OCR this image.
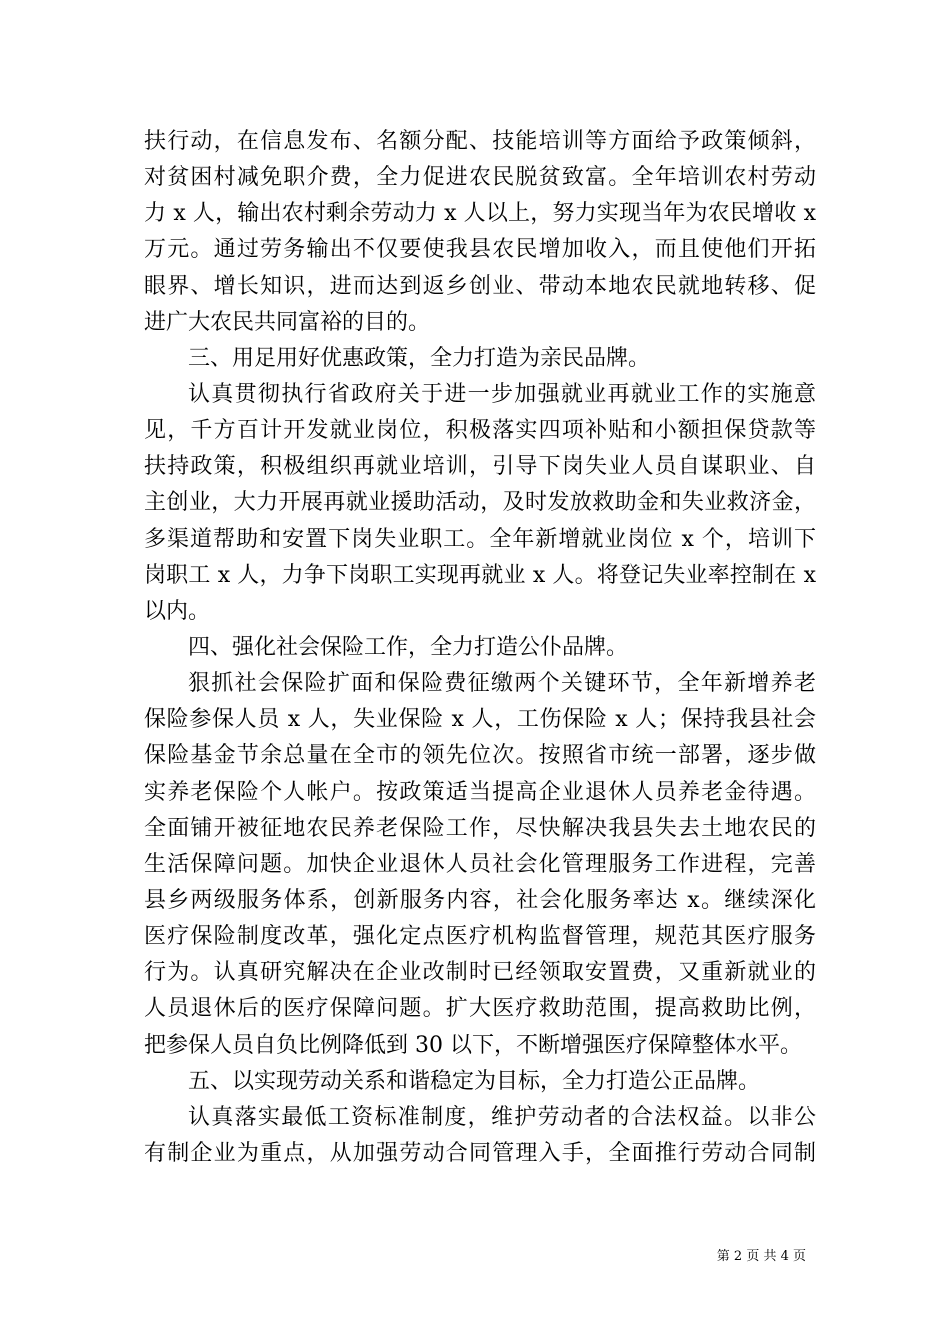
扶行动，在信息发布、名额分配、技能培训等方面给予政策倾斜，
对贫困村减免职介费，全力促进农民脱贫致富。全年培训农村劳动
力 x 人，输出农村剩余劳动力 x 人以上，努力实现当年为农民增收 x
万元。通过劳务输出不仅要使我县农民增加收入，而且使他们开拓
眼界、增长知识，进而达到返乡创业、带动本地农民就地转移、促
进广大农民共同富裕的目的。
三、用足用好优惠政策，全力打造为亲民品牌。
认真贯彻执行省政府关于进一步加强就业再就业工作的实施意
见，千方百计开发就业岗位，积极落实四项补贴和小额担保贷款等
扶持政策，积极组织再就业培训，引导下岗失业人员自谋职业、自
主创业，大力开展再就业援助活动，及时发放救助金和失业救济金，
多渠道帮助和安置下岗失业职工。全年新增就业岗位 x 个，培训下
岗职工 x 人，力争下岗职工实现再就业 x 人。将登记失业率控制在 x
以内。
四、强化社会保险工作，全力打造公仆品牌。
狠抓社会保险扩面和保险费征缴两个关键环节，全年新增养老
保险参保人员 x 人，失业保险 x 人，工伤保险 x 人；保持我县社会
保险基金节余总量在全市的领先位次。按照省市统一部署，逐步做
实养老保险个人帐户。按政策适当提高企业退休人员养老金待遇。
全面铺开被征地农民养老保险工作，尽快解决我县失去土地农民的
生活保障问题。加快企业退休人员社会化管理服务工作进程，完善
县乡两级服务体系，创新服务内容，社会化服务率达 x。继续深化
医疗保险制度改革，强化定点医疗机构监督管理，规范其医疗服务
行为。认真研究解决在企业改制时已经领取安置费，又重新就业的
人员退休后的医疗保障问题。扩大医疗救助范围，提高救助比例，
把参保人员自负比例降低到 30 以下，不断增强医疗保障整体水平。
五、以实现劳动关系和谐稳定为目标，全力打造公正品牌。
认真落实最低工资标准制度，维护劳动者的合法权益。以非公
有制企业为重点，从加强劳动合同管理入手，全面推行劳动合同制
第 2 页 共 4 页
